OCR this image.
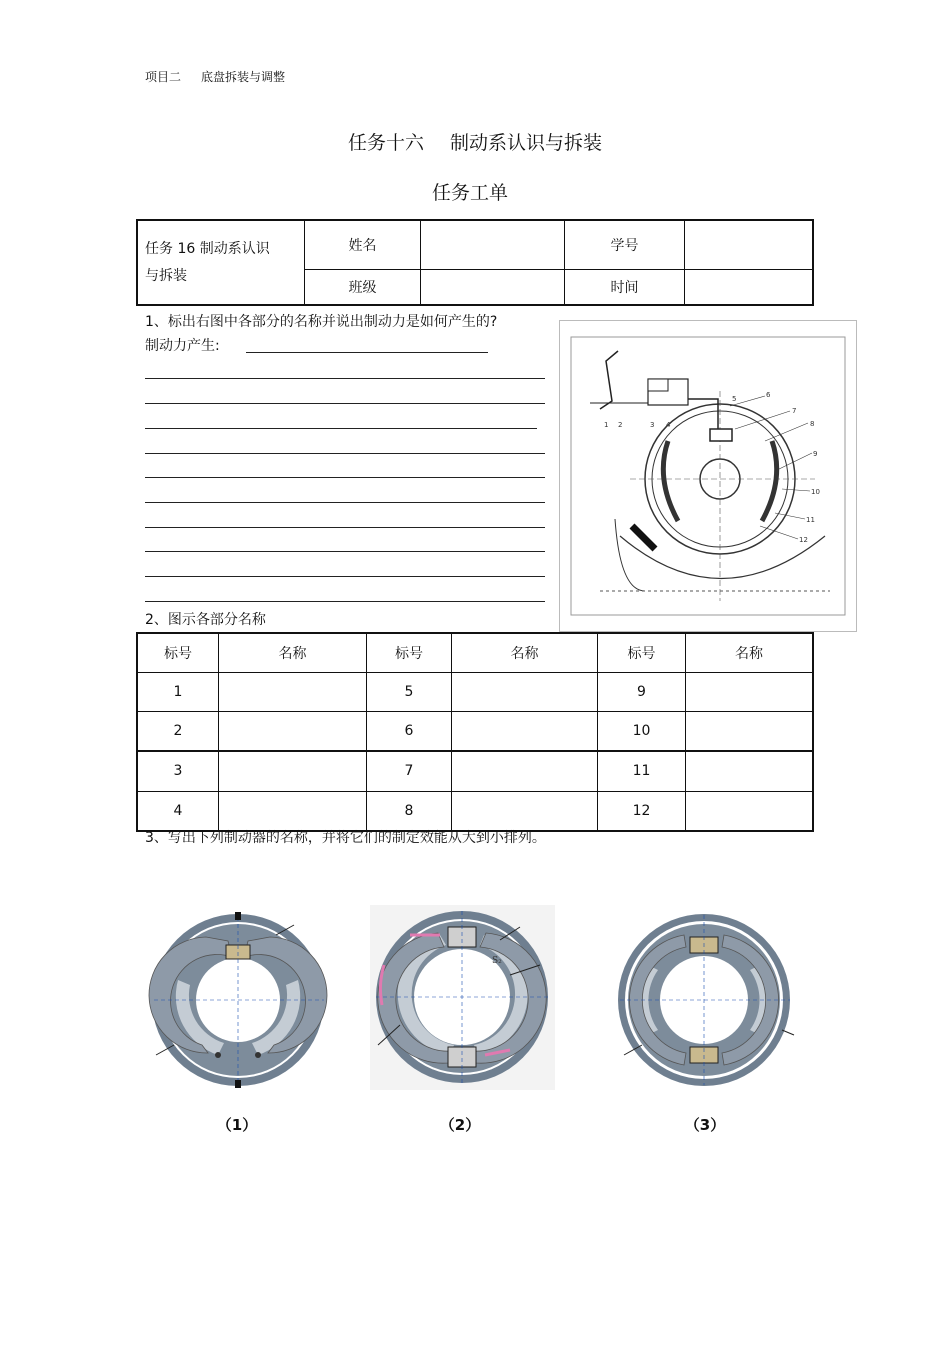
项目二 底盘拆装与调整
任务十六 制动系认识与拆装
任务工单
任务 16 制动系认识
与拆装	姓名		学号	
	班级		时间	
1、标出右图中各部分的名称并说出制动力是如何产生的?
制动力产生:
1 2	3 4
5	6
7
8
9
10
11
12
2、图示各部分名称
标号	名称	标号	名称	标号	名称
1		5		9	
2		6		10	
3		7		11	
4		8		12	
3、写出下列制动器的名称，并将它们的制定效能从大到小排列。
（1）
S₂
（2）	（3）
